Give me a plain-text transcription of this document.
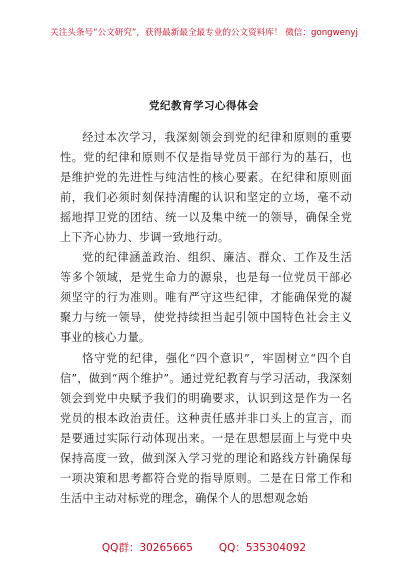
关注头条号“公文研究”，获得最新最全最专业的公文资料库！ 微信：gongwenyj
党纪教育学习心得体会

经过本次学习，我深刻领会到党的纪律和原则的重要性。党的纪律和原则不仅是指导党员干部行为的基石，也是维护党的先进性与纯洁性的核心要素。在纪律和原则面前，我们必须时刻保持清醒的认识和坚定的立场，毫不动摇地捍卫党的团结、统一以及集中统一的领导，确保全党上下齐心协力、步调一致地行动。

党的纪律涵盖政治、组织、廉洁、群众、工作及生活等多个领域，是党生命力的源泉，也是每一位党员干部必须坚守的行为准则。唯有严守这些纪律，才能确保党的凝聚力与统一领导，使党持续担当起引领中国特色社会主义事业的核心力量。

恪守党的纪律，强化“四个意识”，牢固树立“四个自信”，做到“两个维护”。通过党纪教育与学习活动，我深刻领会到党中央赋予我们的明确要求，认识到这是作为一名党员的根本政治责任。这种责任感并非口头上的宣言，而是要通过实际行动体现出来。一是在思想层面上与党中央保持高度一致，做到深入学习党的理论和路线方针确保每一项决策和思考都符合党的指导原则。二是在日常工作和生活中主动对标党的理念，确保个人的思想观念始

QQ群：30265665 QQ：535304092
